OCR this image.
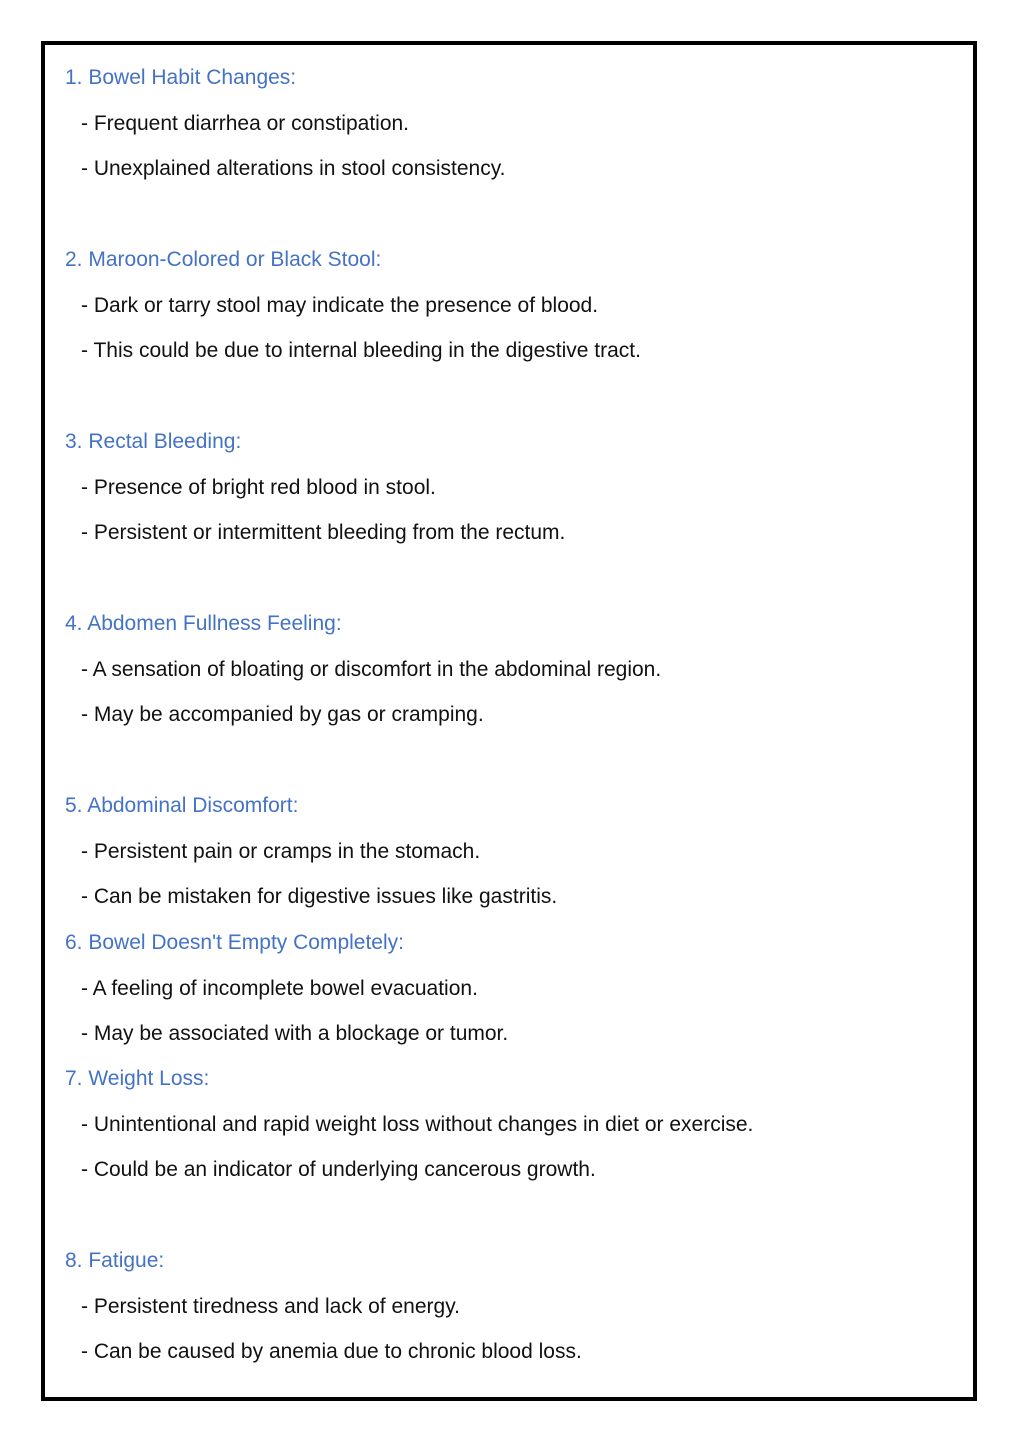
1. Bowel Habit Changes:
- Frequent diarrhea or constipation.
- Unexplained alterations in stool consistency.
2. Maroon-Colored or Black Stool:
- Dark or tarry stool may indicate the presence of blood.
- This could be due to internal bleeding in the digestive tract.
3. Rectal Bleeding:
- Presence of bright red blood in stool.
- Persistent or intermittent bleeding from the rectum.
4. Abdomen Fullness Feeling:
- A sensation of bloating or discomfort in the abdominal region.
- May be accompanied by gas or cramping.
5. Abdominal Discomfort:
- Persistent pain or cramps in the stomach.
- Can be mistaken for digestive issues like gastritis.
6. Bowel Doesn't Empty Completely:
- A feeling of incomplete bowel evacuation.
- May be associated with a blockage or tumor.
7. Weight Loss:
- Unintentional and rapid weight loss without changes in diet or exercise.
- Could be an indicator of underlying cancerous growth.
8. Fatigue:
- Persistent tiredness and lack of energy.
- Can be caused by anemia due to chronic blood loss.
